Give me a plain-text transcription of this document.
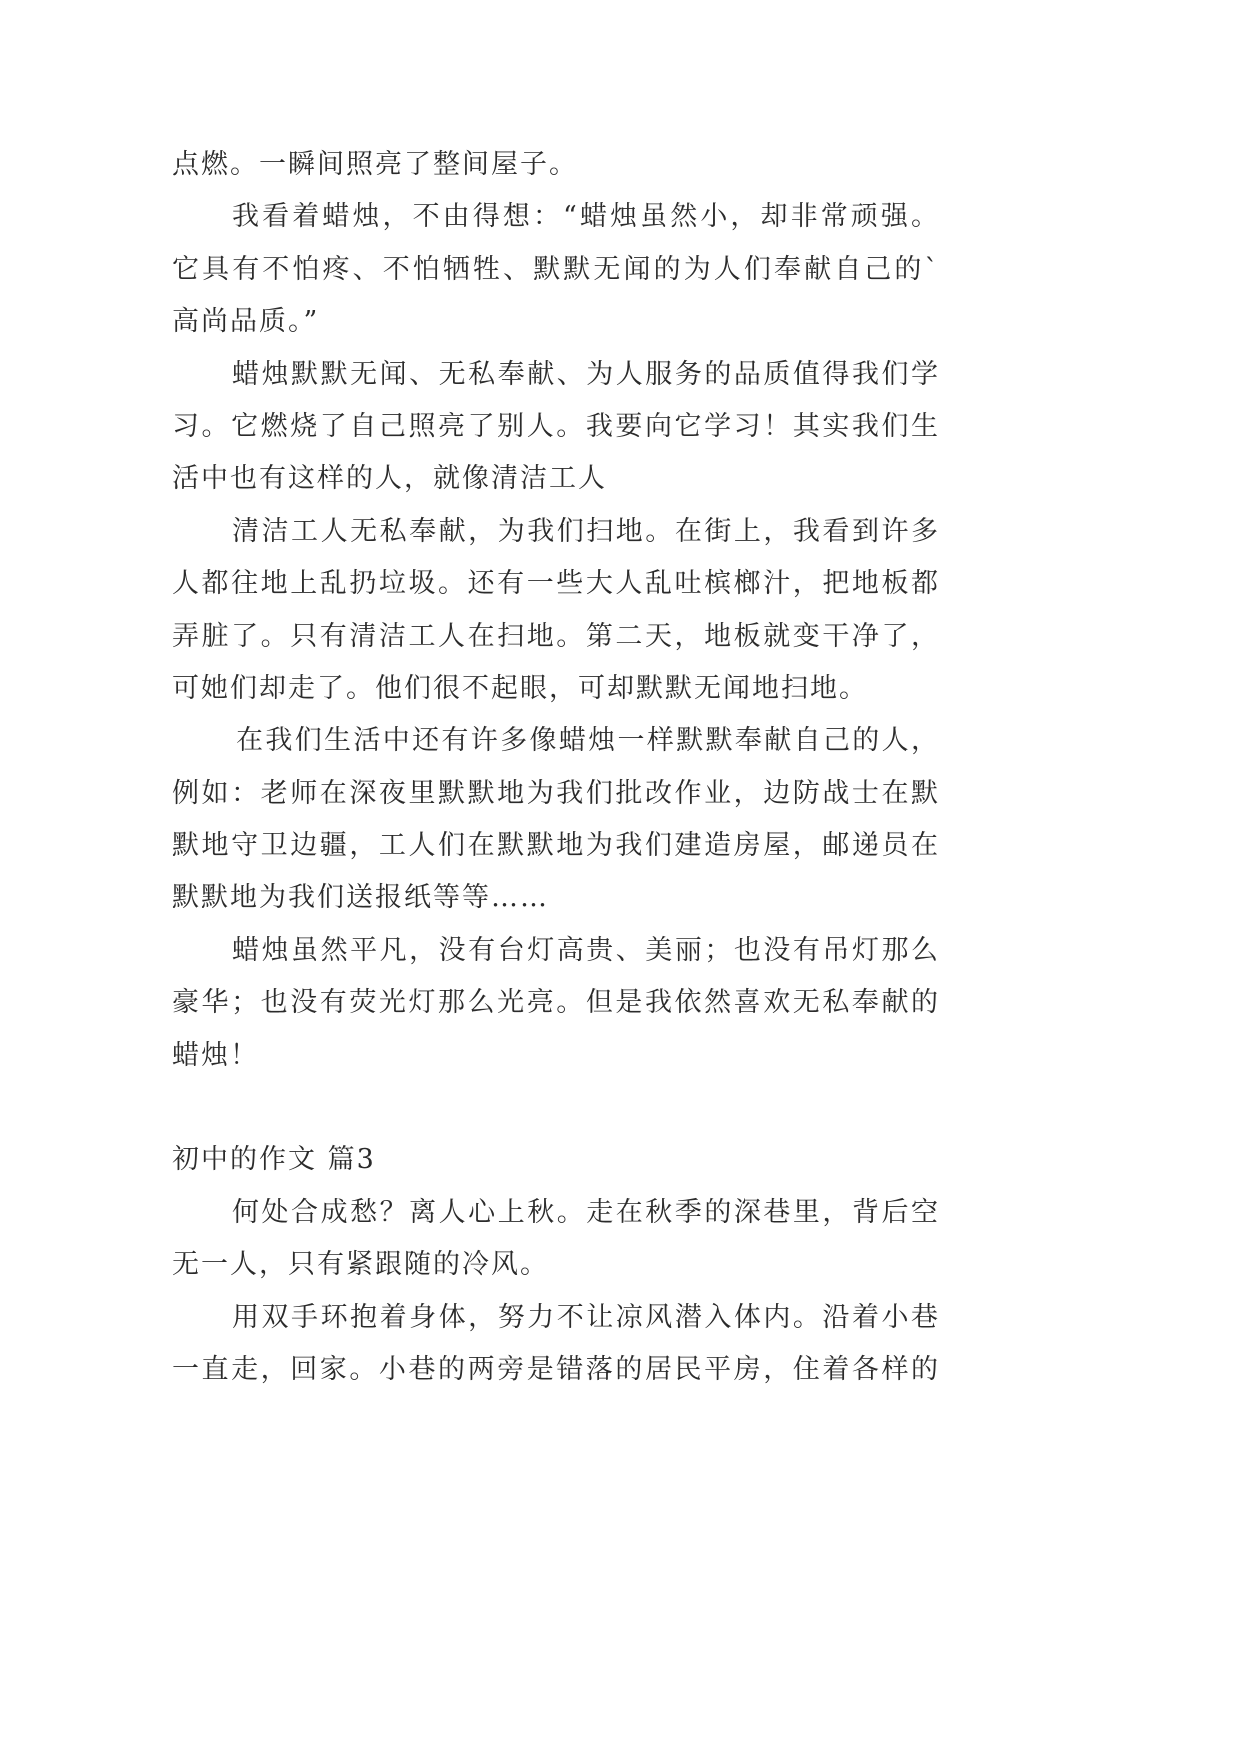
点燃。一瞬间照亮了整间屋子。
我看着蜡烛，不由得想：“蜡烛虽然小，却非常顽强。
它具有不怕疼、不怕牺牲、默默无闻的为人们奉献自己的`
高尚品质。”
蜡烛默默无闻、无私奉献、为人服务的品质值得我们学
习。它燃烧了自己照亮了别人。我要向它学习！其实我们生
活中也有这样的人，就像清洁工人
清洁工人无私奉献，为我们扫地。在街上，我看到许多
人都往地上乱扔垃圾。还有一些大人乱吐槟榔汁，把地板都
弄脏了。只有清洁工人在扫地。第二天，地板就变干净了，
可她们却走了。他们很不起眼，可却默默无闻地扫地。
在我们生活中还有许多像蜡烛一样默默奉献自己的人，
例如：老师在深夜里默默地为我们批改作业，边防战士在默
默地守卫边疆，工人们在默默地为我们建造房屋，邮递员在
默默地为我们送报纸等等……
蜡烛虽然平凡，没有台灯高贵、美丽；也没有吊灯那么
豪华；也没有荧光灯那么光亮。但是我依然喜欢无私奉献的
蜡烛！
初中的作文 篇3
何处合成愁？离人心上秋。走在秋季的深巷里，背后空
无一人，只有紧跟随的冷风。
用双手环抱着身体，努力不让凉风潜入体内。沿着小巷
一直走，回家。小巷的两旁是错落的居民平房，住着各样的
